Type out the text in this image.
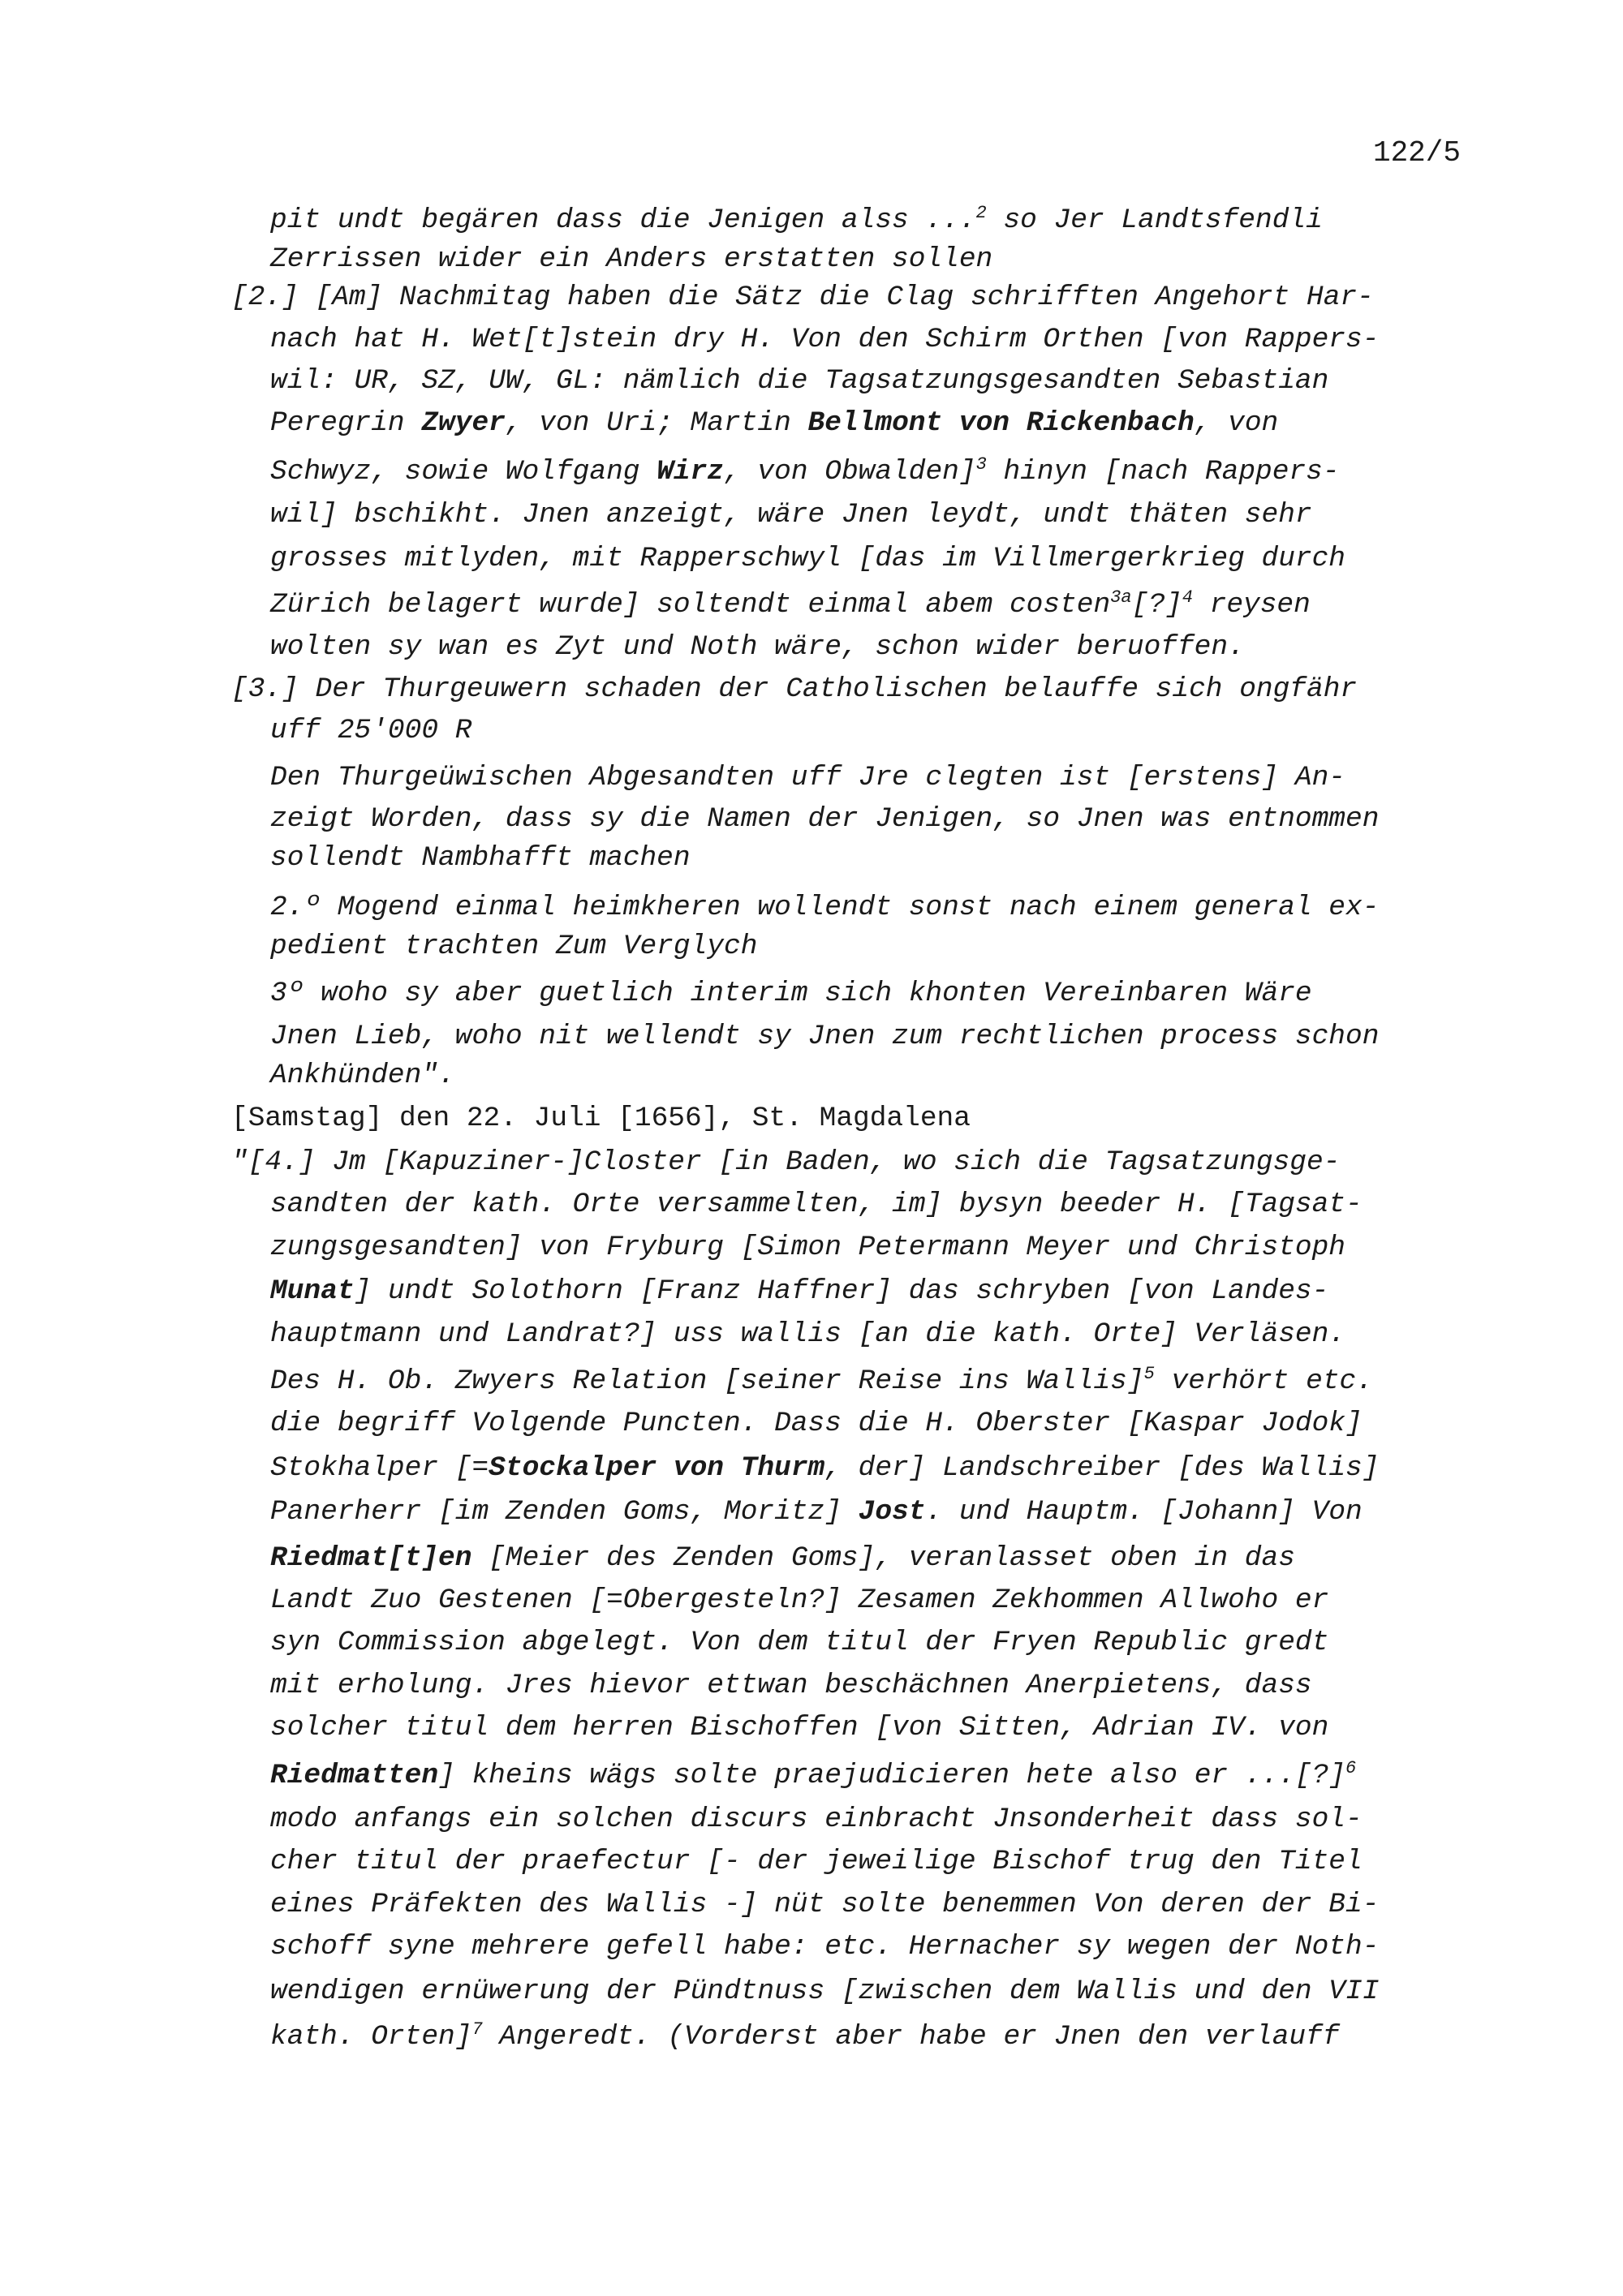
122/5
pit undt begären dass die Jenigen alss ...$^2$ so Jer Landtsfendli
Zerrissen wider ein Anders erstatten sollen
[2.] [Am] Nachmitag haben die Sätz die Clag schrifften Angehort Har-
nach hat H. Wet[t]stein dry H. Von den Schirm Orthen [von Rappers-
wil: UR, SZ, UW, GL: nämlich die Tagsatzungsgesandten Sebastian
Peregrin Zwyer, von Uri; Martin Bellmont von Rickenbach, von
Schwyz, sowie Wolfgang Wirz, von Obwalden]$^3$ hinyn [nach Rappers-
wil] bschikht. Jnen anzeigt, wäre Jnen leydt, undt thäten sehr
grosses mitlyden, mit Rapperschwyl [das im Villmergerkrieg durch
Zürich belagert wurde] soltendt einmal abem costen$^{3a}$[?]$^4$ reysen
wolten sy wan es Zyt und Noth wäre, schon wider beruoffen.
[3.] Der Thurgeuwern schaden der Catholischen belauffe sich ongfähr
uff 25'000 R
Den Thurgeüwischen Abgesandten uff Jre clegten ist [erstens] An-
zeigt Worden, dass sy die Namen der Jenigen, so Jnen was entnommen
sollendt Nambhafft machen
2.º Mogend einmal heimkheren wollendt sonst nach einem general ex-
pedient trachten Zum Verglych
3º woho sy aber guetlich interim sich khonten Vereinbaren Wäre
Jnen Lieb, woho nit wellendt sy Jnen zum rechtlichen process schon
Ankhünden".
[Samstag] den 22. Juli [1656], St. Magdalena
"[4.] Jm [Kapuziner-]Closter [in Baden, wo sich die Tagsatzungsge-
sandten der kath. Orte versammelten, im] bysyn beeder H. [Tagsat-
zungsgesandten] von Fryburg [Simon Petermann Meyer und Christoph
Munat] undt Solothorn [Franz Haffner] das schryben [von Landes-
hauptmann und Landrat?] uss wallis [an die kath. Orte] Verläsen.
Des H. Ob. Zwyers Relation [seiner Reise ins Wallis]$^5$ verhört etc.
die begriff Volgende Puncten. Dass die H. Oberster [Kaspar Jodok]
Stokhalper [=Stockalper von Thurm, der] Landschreiber [des Wallis]
Panerherr [im Zenden Goms, Moritz] Jost. und Hauptm. [Johann] Von
Riedmat[t]en [Meier des Zenden Goms], veranlasset oben in das
Landt Zuo Gestenen [=Obergesteln?] Zesamen Zekhommen Allwoho er
syn Commission abgelegt. Von dem titul der Fryen Republic gredt
mit erholung. Jres hievor ettwan beschächnen Anerpietens, dass
solcher titul dem herren Bischoffen [von Sitten, Adrian IV. von
Riedmatten] kheins wägs solte praejudicieren hete also er ...[?]$^6$
modo anfangs ein solchen discurs einbracht Jnsonderheit dass sol-
cher titul der praefectur [- der jeweilige Bischof trug den Titel
eines Präfekten des Wallis -] nüt solte benemmen Von deren der Bi-
schoff syne mehrere gefell habe: etc. Hernacher sy wegen der Noth-
wendigen ernüwerung der Pündtnuss [zwischen dem Wallis und den VII
kath. Orten]$^7$ Angeredt. (Vorderst aber habe er Jnen den verlauff
